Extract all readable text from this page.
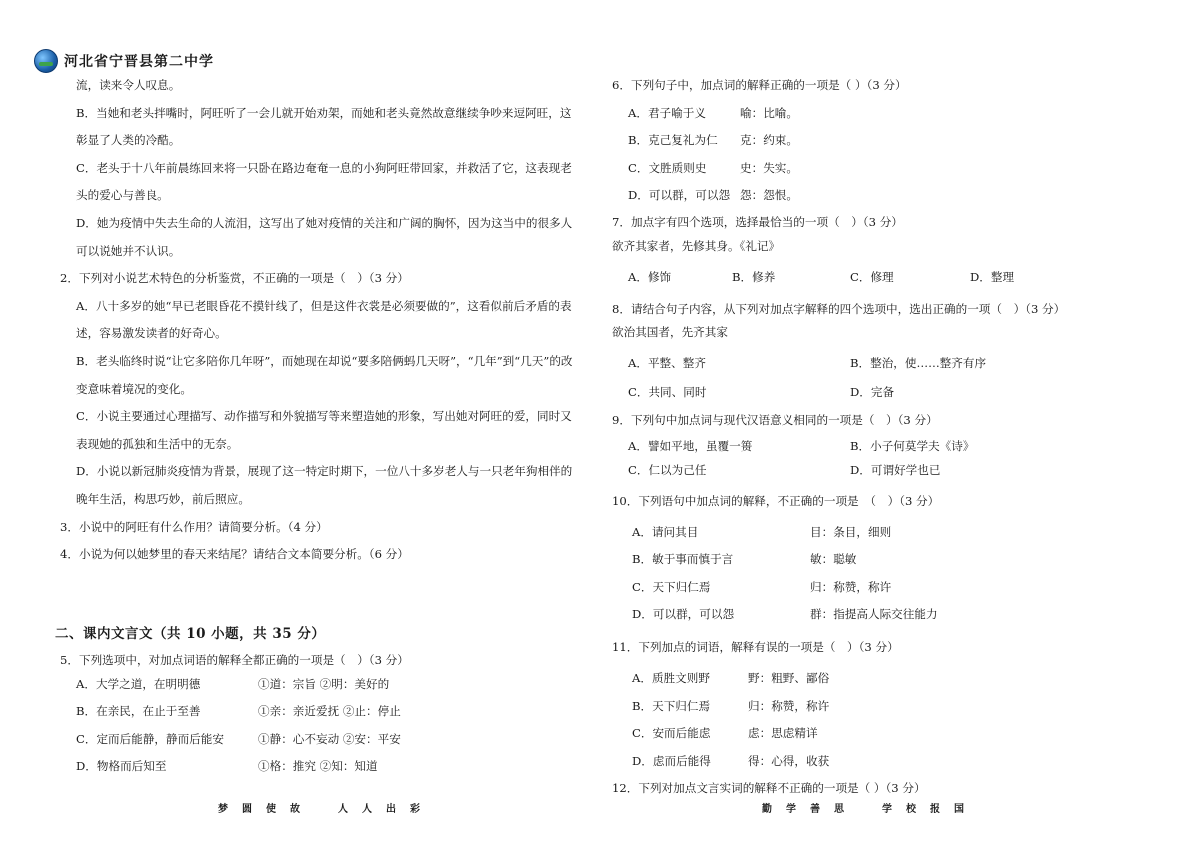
河北省宁晋县第二中学
流，读来令人叹息。
B．当她和老头拌嘴时，阿旺听了一会儿就开始劝架，而她和老头竟然故意继续争吵来逗阿旺，这
彰显了人类的冷酷。
C．老头于十八年前晨练回来将一只卧在路边奄奄一息的小狗阿旺带回家，并救活了它，这表现老
头的爱心与善良。
D．她为疫情中失去生命的人流泪，这写出了她对疫情的关注和广阔的胸怀，因为这当中的很多人
可以说她并不认识。
2．下列对小说艺术特色的分析鉴赏，不正确的一项是（　）（3 分）
A．八十多岁的她“早已老眼昏花不摸针线了，但是这件衣裳是必须要做的”，这看似前后矛盾的表
述，容易激发读者的好奇心。
B．老头临终时说“让它多陪你几年呀”，而她现在却说“要多陪俩蚂几天呀”，“几年”到“几天”的改
变意味着境况的变化。
C．小说主要通过心理描写、动作描写和外貌描写等来塑造她的形象，写出她对阿旺的爱，同时又
表现她的孤独和生活中的无奈。
D．小说以新冠肺炎疫情为背景，展现了这一特定时期下，一位八十多岁老人与一只老年狗相伴的
晚年生活，构思巧妙，前后照应。
3．小说中的阿旺有什么作用？请简要分析。（4 分）
4．小说为何以她梦里的春天来结尾？请结合文本简要分析。（6 分）
二、课内文言文（共 10 小题，共 35 分）
5．下列选项中，对加点词语的解释全都正确的一项是（　）（3 分）
A．大学之道，在明明德	①道：宗旨 ②明：美好的
B．在亲民，在止于至善	①亲：亲近爱抚 ②止：停止
C．定而后能静，静而后能安	①静：心不妄动 ②安：平安
D．物格而后知至	①格：推究 ②知：知道
6．下列句子中，加点词的解释正确的一项是（ ）（3 分）
A．君子喻于义	喻：比喻。
B．克己复礼为仁	克：约束。
C．文胜质则史	史：失实。
D．可以群，可以怨 怨：怨恨。
7．加点字有四个选项，选择最恰当的一项（　）（3 分）
欲齐其家者，先修其身。《礼记》
A．修饰	B．修养	C．修理	D．整理
8．请结合句子内容，从下列对加点字解释的四个选项中，选出正确的一项（　）（3 分）
欲治其国者，先齐其家
A．平整、整齐	B．整治，使……整齐有序
C．共同、同时	D．完备
9．下列句中加点词与现代汉语意义相同的一项是（　）（3 分）
A．譬如平地，虽覆一篑	B．小子何莫学夫《诗》
C．仁以为己任	D．可谓好学也已
10．下列语句中加点词的解释，不正确的一项是　（　）（3 分）
A．请问其目	目：条目，细则
B．敏于事而慎于言	敏：聪敏
C．天下归仁焉	归：称赞，称许
D．可以群，可以怨	群：指提高人际交往能力
11．下列加点的词语，解释有误的一项是（　）（3 分）
A．质胜文则野	野：粗野、鄙俗
B．天下归仁焉	归：称赞，称许
C．安而后能虑	虑：思虑精详
D．虑而后能得	得：心得，收获
12．下列对加点文言实词的解释不正确的一项是（ ）（3 分）
梦圆使故　人人出彩	勤学善思　学校报国
